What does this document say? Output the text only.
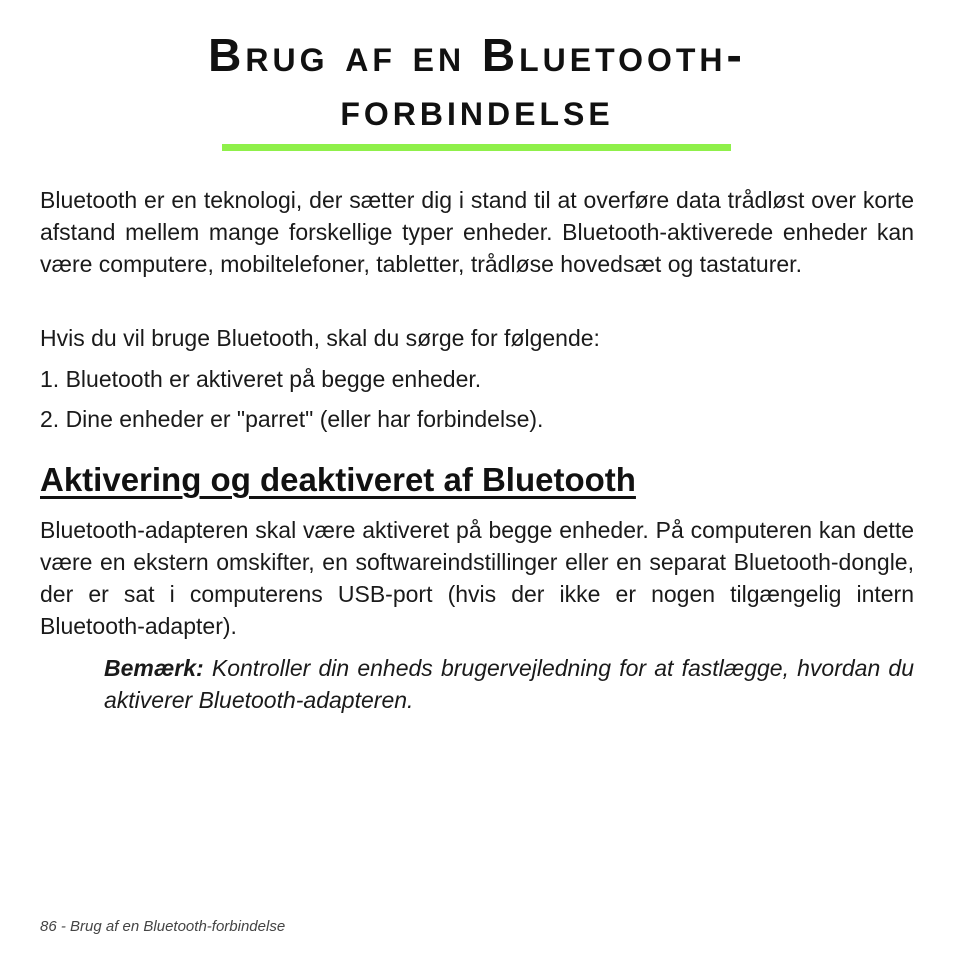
Brug af en Bluetooth-
forbindelse

Bluetooth er en teknologi, der sætter dig i stand til at overføre data trådløst over korte afstand mellem mange forskellige typer enheder. Bluetooth-aktiverede enheder kan være computere, mobiltelefoner, tabletter, trådløse hovedsæt og tastaturer.

Hvis du vil bruge Bluetooth, skal du sørge for følgende:

1. Bluetooth er aktiveret på begge enheder.

2. Dine enheder er "parret" (eller har forbindelse).

Aktivering og deaktiveret af Bluetooth

Bluetooth-adapteren skal være aktiveret på begge enheder. På computeren kan dette være en ekstern omskifter, en softwareindstillinger eller en separat Bluetooth-dongle, der er sat i computerens USB-port (hvis der ikke er nogen tilgængelig intern Bluetooth-adapter).

Bemærk: Kontroller din enheds brugervejledning for at fastlægge, hvordan du aktiverer Bluetooth-adapteren.

86 - Brug af en Bluetooth-forbindelse
